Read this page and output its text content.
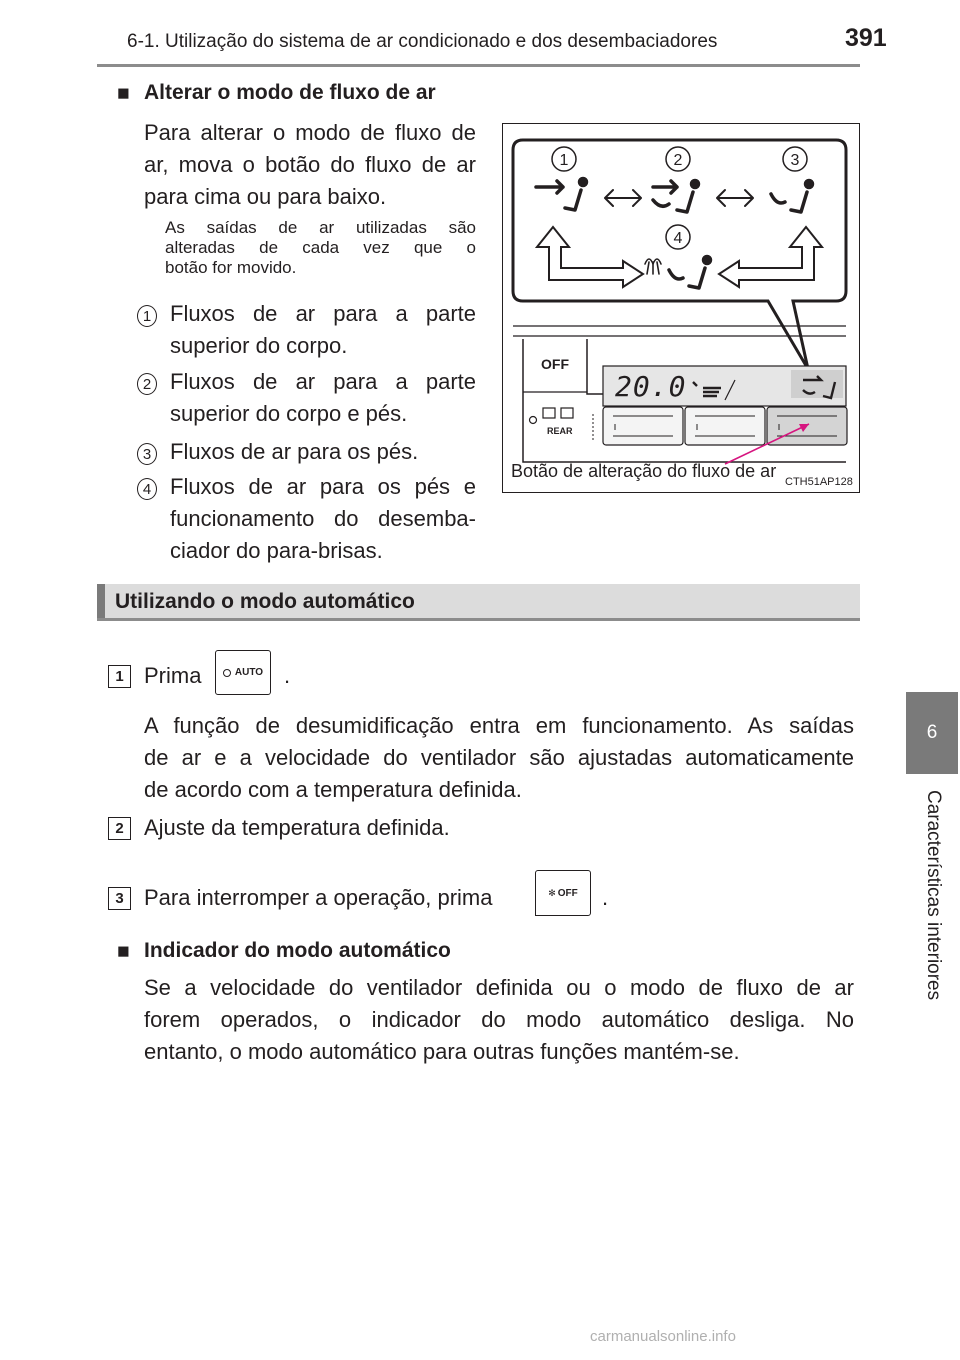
6-1. Utilização do sistema de ar condicionado e dos desembaciadores	391
6
Características interiores
■ Alterar o modo de fluxo de ar
Para alterar o modo de fluxo de
ar, mova o botão do fluxo de ar
para cima ou para baixo.
As saídas de ar utilizadas são
alteradas de cada vez que o
botão for movido.
1 Fluxos de ar para a parte
superior do corpo.
2 Fluxos de ar para a parte
superior do corpo e pés.
3 Fluxos de ar para os pés.
4 Fluxos de ar para os pés e
funcionamento do desemba-
ciador do para-brisas.
1	2	3
4
OFF
REAR
20.0
Botão de alteração do fluxo de ar
CTH51AP128
Utilizando o modo automático
1 Prima	AUTO .
A função de desumidificação entra em funcionamento. As saídas
de ar e a velocidade do ventilador são ajustadas automaticamente
de acordo com a temperatura definida.
2 Ajuste da temperatura definida.
3 Para interromper a operação, prima	✻ OFF .
■ Indicador do modo automático
Se a velocidade do ventilador definida ou o modo de fluxo de ar
forem operados, o indicador do modo automático desliga. No
entanto, o modo automático para outras funções mantém-se.
carmanualsonline.info
